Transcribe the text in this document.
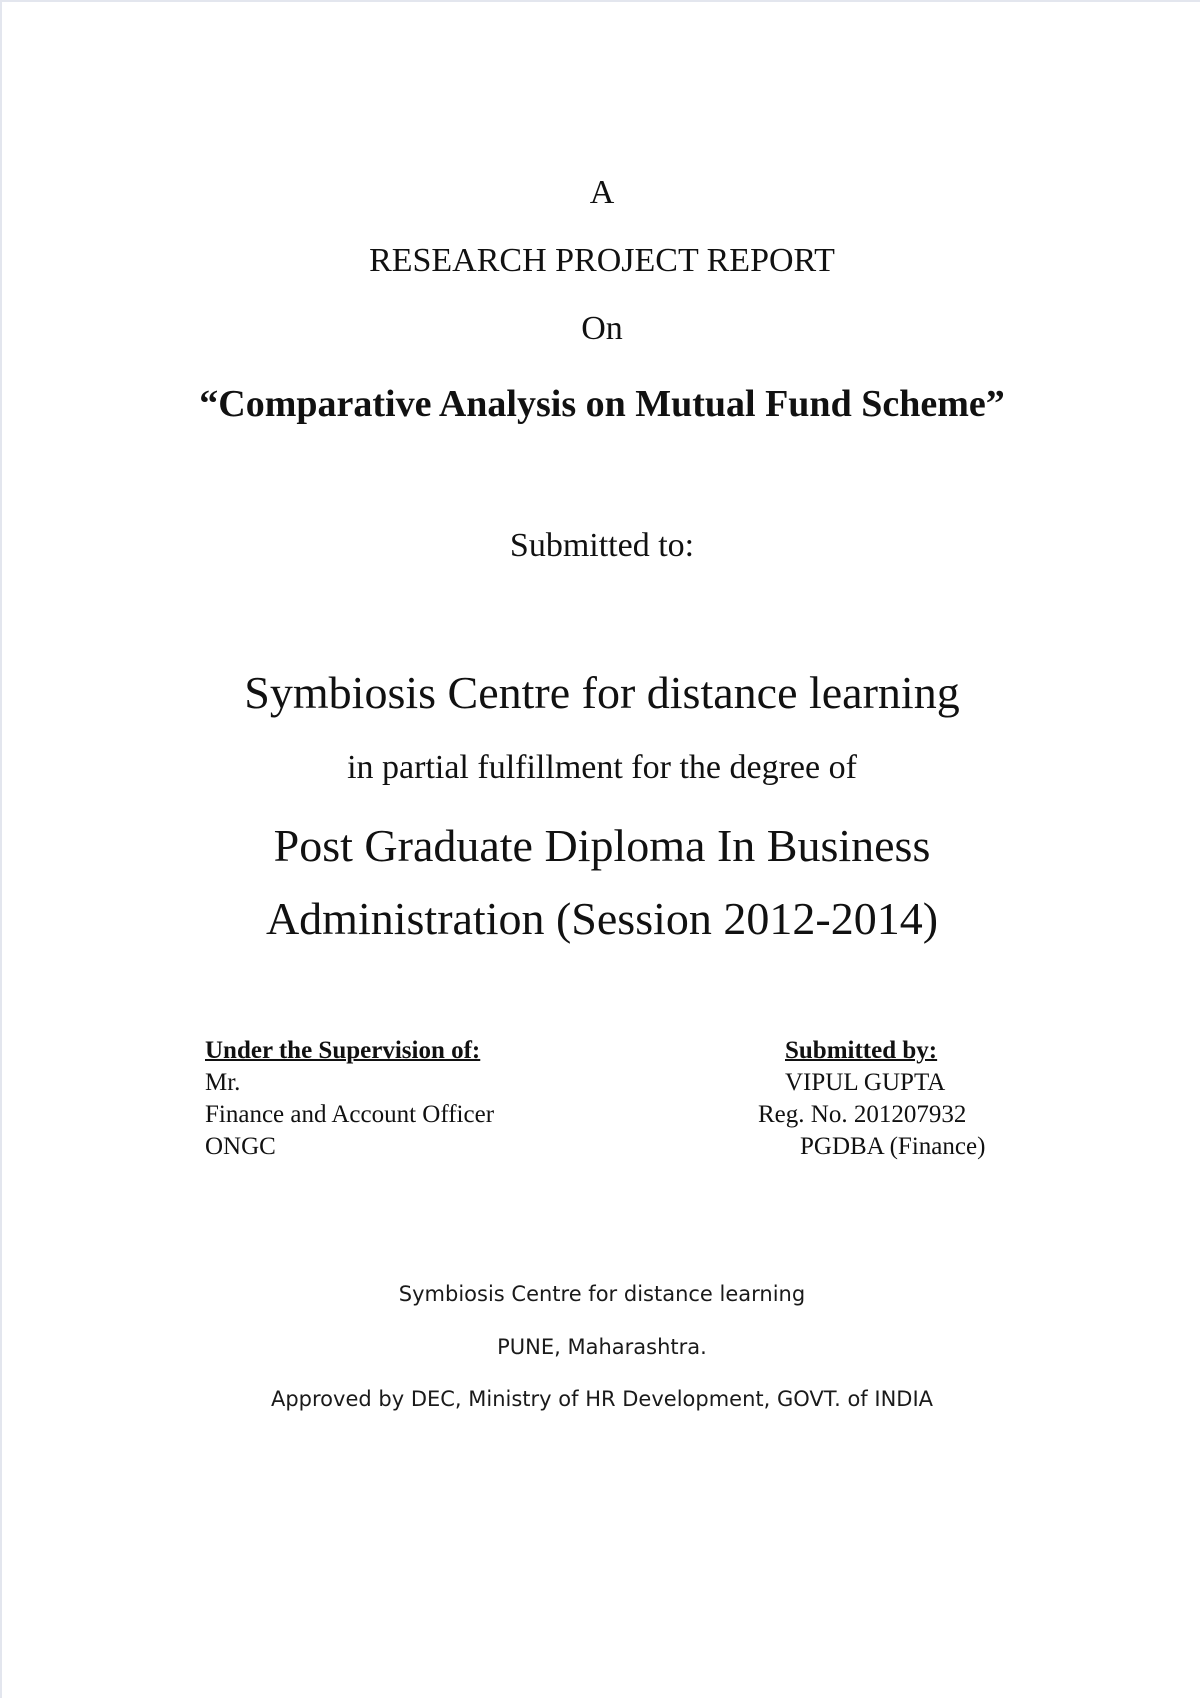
A
RESEARCH PROJECT REPORT
On
“Comparative Analysis on Mutual Fund Scheme”
Submitted to:
Symbiosis Centre for distance learning
in partial fulfillment for the degree of
Post Graduate Diploma In Business
Administration (Session 2012-2014)
Under the Supervision of:
Mr.
Finance and Account Officer
ONGC
Submitted by:
VIPUL GUPTA
Reg. No. 201207932
PGDBA (Finance)
Symbiosis Centre for distance learning
PUNE, Maharashtra.
Approved by DEC, Ministry of HR Development, GOVT. of INDIA
